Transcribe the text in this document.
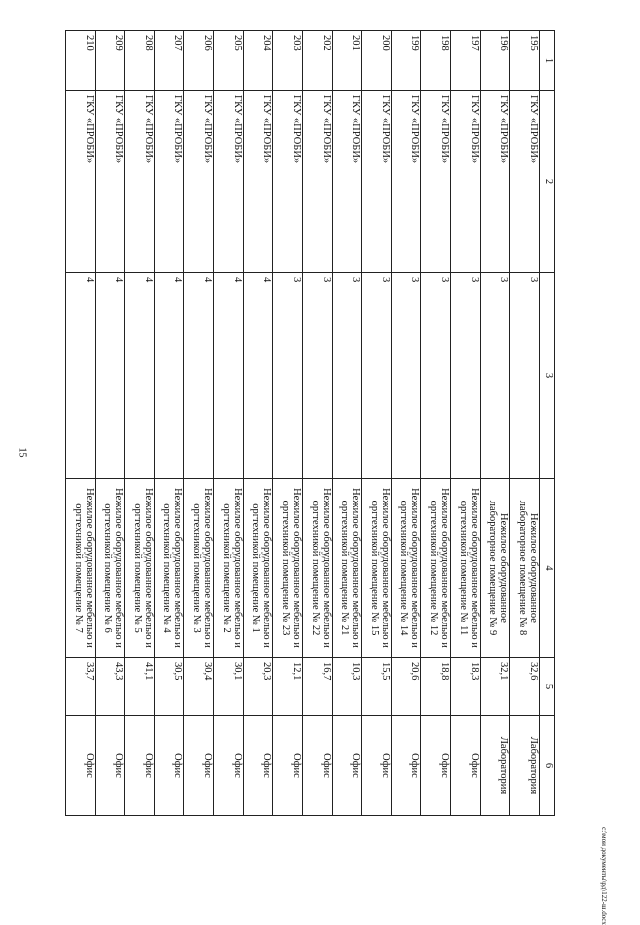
15
1	2	3	4	5	6
195	ГКУ «ПРОБИ»	3	Нежилое оборудованное лабораторное помещение № 8	32,6	Лаборатория
196	ГКУ «ПРОБИ»	3	Нежилое оборудованное лабораторное помещение № 9	32,1	Лаборатория
197	ГКУ «ПРОБИ»	3	Нежилое оборудованное мебелью и оргтехникой помещение № 11	18,3	Офис
198	ГКУ «ПРОБИ»	3	Нежилое оборудованное мебелью и оргтехникой помещение № 12	18,8	Офис
199	ГКУ «ПРОБИ»	3	Нежилое оборудованное мебелью и оргтехникой помещение № 14	20,6	Офис
200	ГКУ «ПРОБИ»	3	Нежилое оборудованное мебелью и оргтехникой помещение № 15	15,5	Офис
201	ГКУ «ПРОБИ»	3	Нежилое оборудованное мебелью и оргтехникой помещение № 21	10,3	Офис
202	ГКУ «ПРОБИ»	3	Нежилое оборудованное мебелью и оргтехникой помещение № 22	16,7	Офис
203	ГКУ «ПРОБИ»	3	Нежилое оборудованное мебелью и оргтехникой помещение № 23	12,1	Офис
204	ГКУ «ПРОБИ»	4	Нежилое оборудованное мебелью и оргтехникой помещение № 1	20,3	Офис
205	ГКУ «ПРОБИ»	4	Нежилое оборудованное мебелью и оргтехникой помещение № 2	30,1	Офис
206	ГКУ «ПРОБИ»	4	Нежилое оборудованное мебелью и оргтехникой помещение № 3	30,4	Офис
207	ГКУ «ПРОБИ»	4	Нежилое оборудованное мебелью и оргтехникой помещение № 4	30,5	Офис
208	ГКУ «ПРОБИ»	4	Нежилое оборудованное мебелью и оргтехникой помещение № 5	41,1	Офис
209	ГКУ «ПРОБИ»	4	Нежилое оборудованное мебелью и оргтехникой помещение № 6	43,3	Офис
210	ГКУ «ПРОБИ»	4	Нежилое оборудованное мебелью и оргтехникой помещение № 7	33,7	Офис
c:\мои документы\рд\122-ш.docx
